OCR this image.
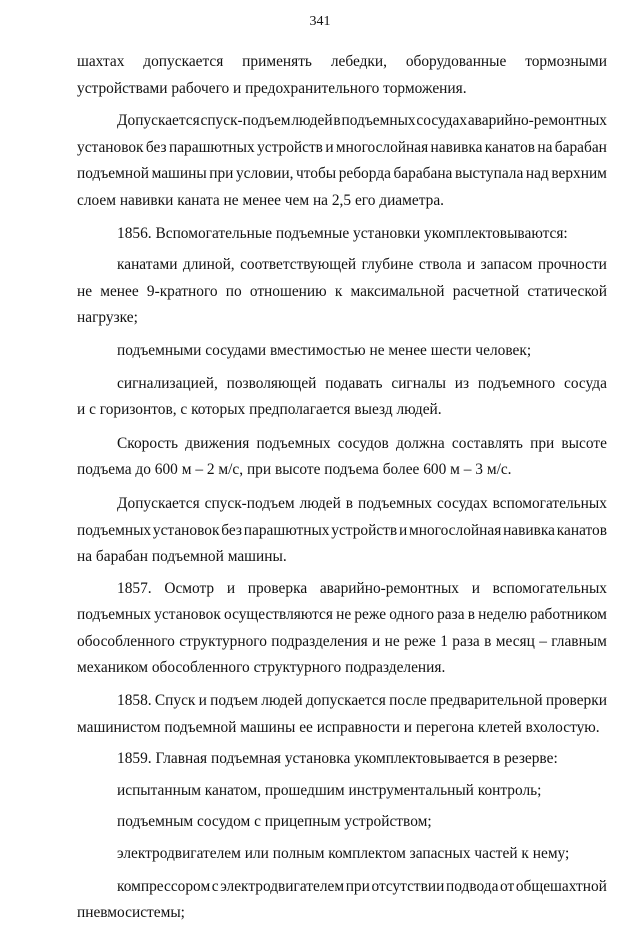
341
шахтах допускается применять лебедки, оборудованные тормозными
устройствами рабочего и предохранительного торможения.
Допускается спуск-подъем людей в подъемных сосудах аварийно-ремонтных
установок без парашютных устройств и многослойная навивка канатов на барабан
подъемной машины при условии, чтобы реборда барабана выступала над верхним
слоем навивки каната не менее чем на 2,5 его диаметра.
1856. Вспомогательные подъемные установки укомплектовываются:
канатами длиной, соответствующей глубине ствола и запасом прочности
не менее 9-кратного по отношению к максимальной расчетной статической
нагрузке;
подъемными сосудами вместимостью не менее шести человек;
сигнализацией, позволяющей подавать сигналы из подъемного сосуда
и с горизонтов, с которых предполагается выезд людей.
Скорость движения подъемных сосудов должна составлять при высоте
подъема до 600 м – 2 м/с, при высоте подъема более 600 м – 3 м/с.
Допускается спуск-подъем людей в подъемных сосудах вспомогательных
подъемных установок без парашютных устройств и многослойная навивка канатов
на барабан подъемной машины.
1857. Осмотр и проверка аварийно-ремонтных и вспомогательных
подъемных установок осуществляются не реже одного раза в неделю работником
обособленного структурного подразделения и не реже 1 раза в месяц – главным
механиком обособленного структурного подразделения.
1858. Спуск и подъем людей допускается после предварительной проверки
машинистом подъемной машины ее исправности и перегона клетей вхолостую.
1859. Главная подъемная установка укомплектовывается в резерве:
испытанным канатом, прошедшим инструментальный контроль;
подъемным сосудом с прицепным устройством;
электродвигателем или полным комплектом запасных частей к нему;
компрессором с электродвигателем при отсутствии подвода от общешахтной
пневмосистемы;
